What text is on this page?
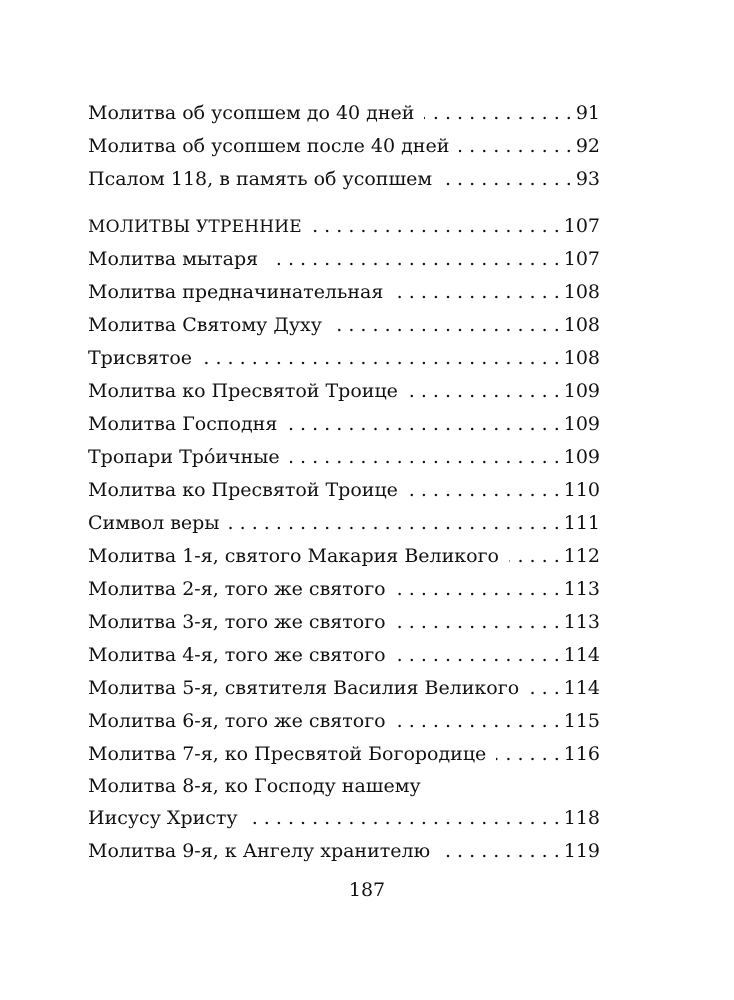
Молитва об усопшем до 40 дней . . .	91
Молитва об усопшем после 40 дней . . .	92
Псалом 118, в память об усопшем . . .	93
МОЛИТВЫ УТРЕННИЕ . . .	107
Молитва мытаря . . .	107
Молитва предначинательная . . .	108
Молитва Святому Духу . . .	108
Трисвятое . . .	108
Молитва ко Пресвятой Троице . . .	109
Молитва Господня . . .	109
Тропари Тро́ичные . . .	109
Молитва ко Пресвятой Троице . . .	110
Символ веры . . .	111
Молитва 1-я, святого Макария Великого . . .	112
Молитва 2-я, того же святого . . .	113
Молитва 3-я, того же святого . . .	113
Молитва 4-я, того же святого . . .	114
Молитва 5-я, святителя Василия Великого . . . 114
Молитва 6-я, того же святого . . .	115
Молитва 7-я, ко Пресвятой Богородице . . .	116
Молитва 8-я, ко Господу нашему
Иисусу Христу . . .	118
Молитва 9-я, к Ангелу хранителю . . .	119
187
